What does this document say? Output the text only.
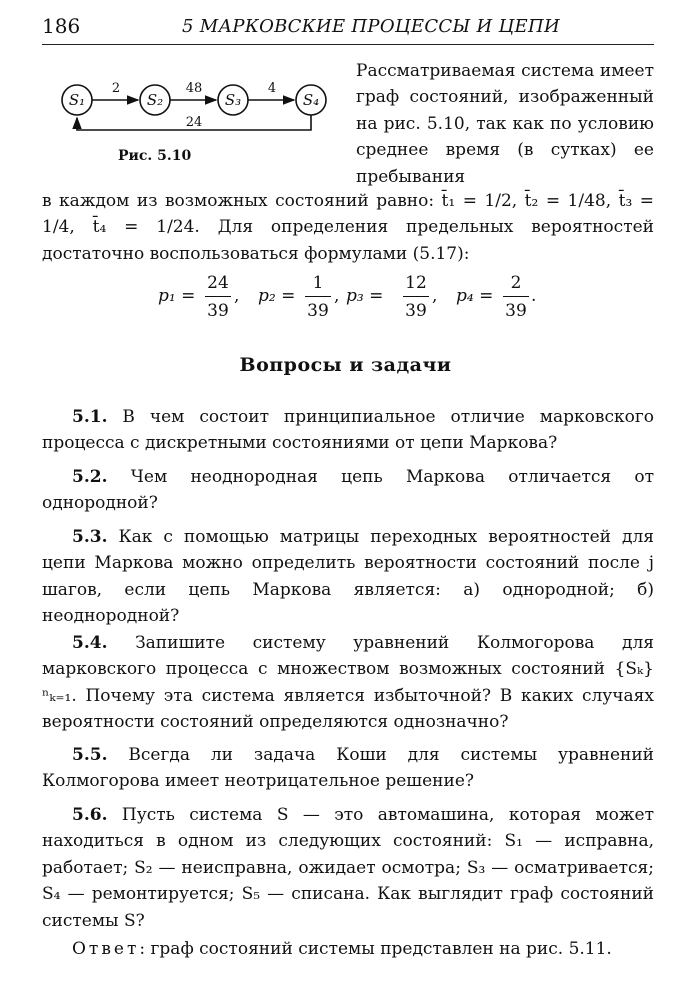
186	5 МАРКОВСКИЕ ПРОЦЕССЫ И ЦЕПИ
S₁	S₂	S₃	S₄
2	48	4
24
Рис. 5.10
Рассматриваемая система имеет граф состояний, изображенный на рис. 5.10, так как по условию среднее время (в сутках) ее пребывания
в каждом из возможных состояний равно: t̄₁ = 1/2, t̄₂ = 1/48, t̄₃ = 1/4, t̄₄ = 1/24. Для определения предельных вероятностей достаточно воспользоваться формулами (5.17):
p₁ =
24
39
, p₂ =
1
39
, p₃ =
12
39
, p₄ =
2
39
.
Вопросы и задачи
5.1. В чем состоит принципиальное отличие марковского процесса с дискретными состояниями от цепи Маркова?
5.2. Чем неоднородная цепь Маркова отличается от однородной?
5.3. Как с помощью матрицы переходных вероятностей для цепи Маркова можно определить вероятности состояний после j шагов, если цепь Маркова является: а) однородной; б) неоднородной?
5.4. Запишите систему уравнений Колмогорова для марковского процесса с множеством возможных состояний {Sₖ}ⁿₖ₌₁. Почему эта система является избыточной? В каких случаях вероятности состояний определяются однозначно?
5.5. Всегда ли задача Коши для системы уравнений Колмогорова имеет неотрицательное решение?
5.6. Пусть система S — это автомашина, которая может находиться в одном из следующих состояний: S₁ — исправна, работает; S₂ — неисправна, ожидает осмотра; S₃ — осматривается; S₄ — ремонтируется; S₅ — списана. Как выглядит граф состояний системы S?
Ответ: граф состояний системы представлен на рис. 5.11.
